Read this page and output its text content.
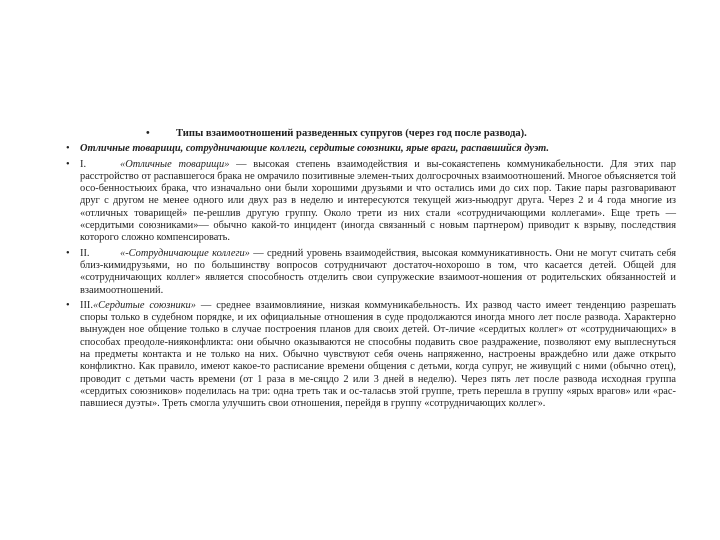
• Типы взаимоотношений разведенных супругов (через год после развода).
• Отличные товарищи, сотрудничающие коллеги, сердитые союзники, ярые враги, распавшийся дуэт.
• I.	«Отличные товарищи» — высокая степень взаимодействия и вы-сокаястепень коммуникабельности. Для этих пар расстройство от распавшегося брака не омрачило позитивные элемен-тыих долгосрочных взаимоотношений. Многое объясняется той осо-бенностьюих брака, что изначально они были хорошими друзьями и что остались ими до сих пор. Такие пары разговаривают друг с другом не менее одного или двух раз в неделю и интересуются текущей жиз-ньюдруг друга. Через 2 и 4 года многие из «отличных товарищей» пе-решлив другую группу. Около трети из них стали «сотрудничающими коллегами». Еще треть — «сердитыми союзниками»— обычно какой-то инцидент (иногда связанный с новым партнером) приводит к взрыву, последствия которого сложно компенсировать.
• II.	«-Сотрудничающие коллеги» — средний уровень взаимодействия, высокая коммуникативность. Они не могут считать себя близ-кимидрузьями, но по большинству вопросов сотрудничают достаточ-нохорошо в том, что касается детей. Общей для «сотрудничающих коллег» является способность отделить свои супружеские взаимоот-ношения от родительских обязанностей и взаимоотношений.
• III.«Сердитые союзники» — среднее взаимовлияние, низкая коммуникабельность. Их развод часто имеет тенденцию разрешать споры только в судебном порядке, и их официальные отношения в суде продолжаются иногда много лет после развода. Характерно вынужден ное общение только в случае построения планов для своих детей. От-личие «сердитых коллег» от «сотрудничающих» в способах преодоле-нияконфликта: они обычно оказываются не способны подавить свое раздражение, позволяют ему выплеснуться на предметы контакта и не только на них. Обычно чувствуют себя очень напряженно, настроены враждебно или даже открыто конфликтно. Как правило, имеют какое-то расписание времени общения с детьми, когда супруг, не живущий с ними (обычно отец), проводит с детьми часть времени (от 1 раза в ме-сяцдо 2 или 3 дней в неделю). Через пять лет после развода исходная группа «сердитых союзников» поделилась на три: одна треть так и ос-таласьв этой группе, треть перешла в группу «ярых врагов» или «рас-павшиеся дуэты». Треть смогла улучшить свои отношения, перейдя в группу «сотрудничающих коллег».
